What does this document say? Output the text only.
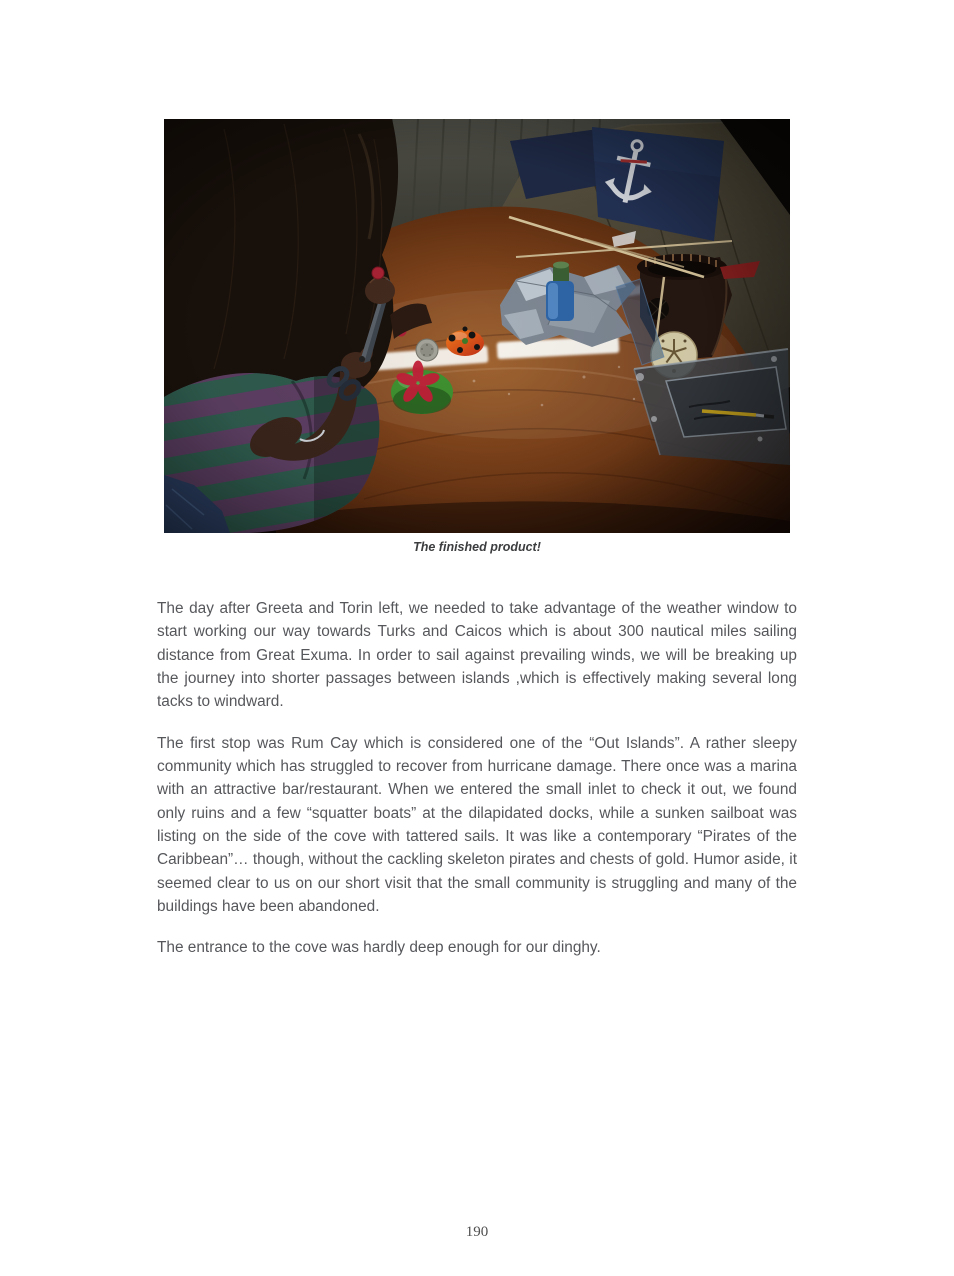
The finished product!

The day after Greeta and Torin left, we needed to take advantage of the weather window to start working our way towards Turks and Caicos which is about 300 nautical miles sailing distance from Great Exuma. In order to sail against prevailing winds, we will be breaking up the journey into shorter passages between islands ,which is effectively making several long tacks to windward.

The first stop was Rum Cay which is considered one of the “Out Islands”. A rather sleepy community which has struggled to recover from hurricane damage. There once was a marina with an attractive bar/restaurant. When we entered the small inlet to check it out, we found only ruins and a few “squatter boats” at the dilapidated docks, while a sunken sailboat was listing on the side of the cove with tattered sails. It was like a contemporary “Pirates of the Caribbean”… though, without the cackling skeleton pirates and chests of gold. Humor aside, it seemed clear to us on our short visit that the small community is struggling and many of the buildings have been abandoned.

The entrance to the cove was hardly deep enough for our dinghy.

190
